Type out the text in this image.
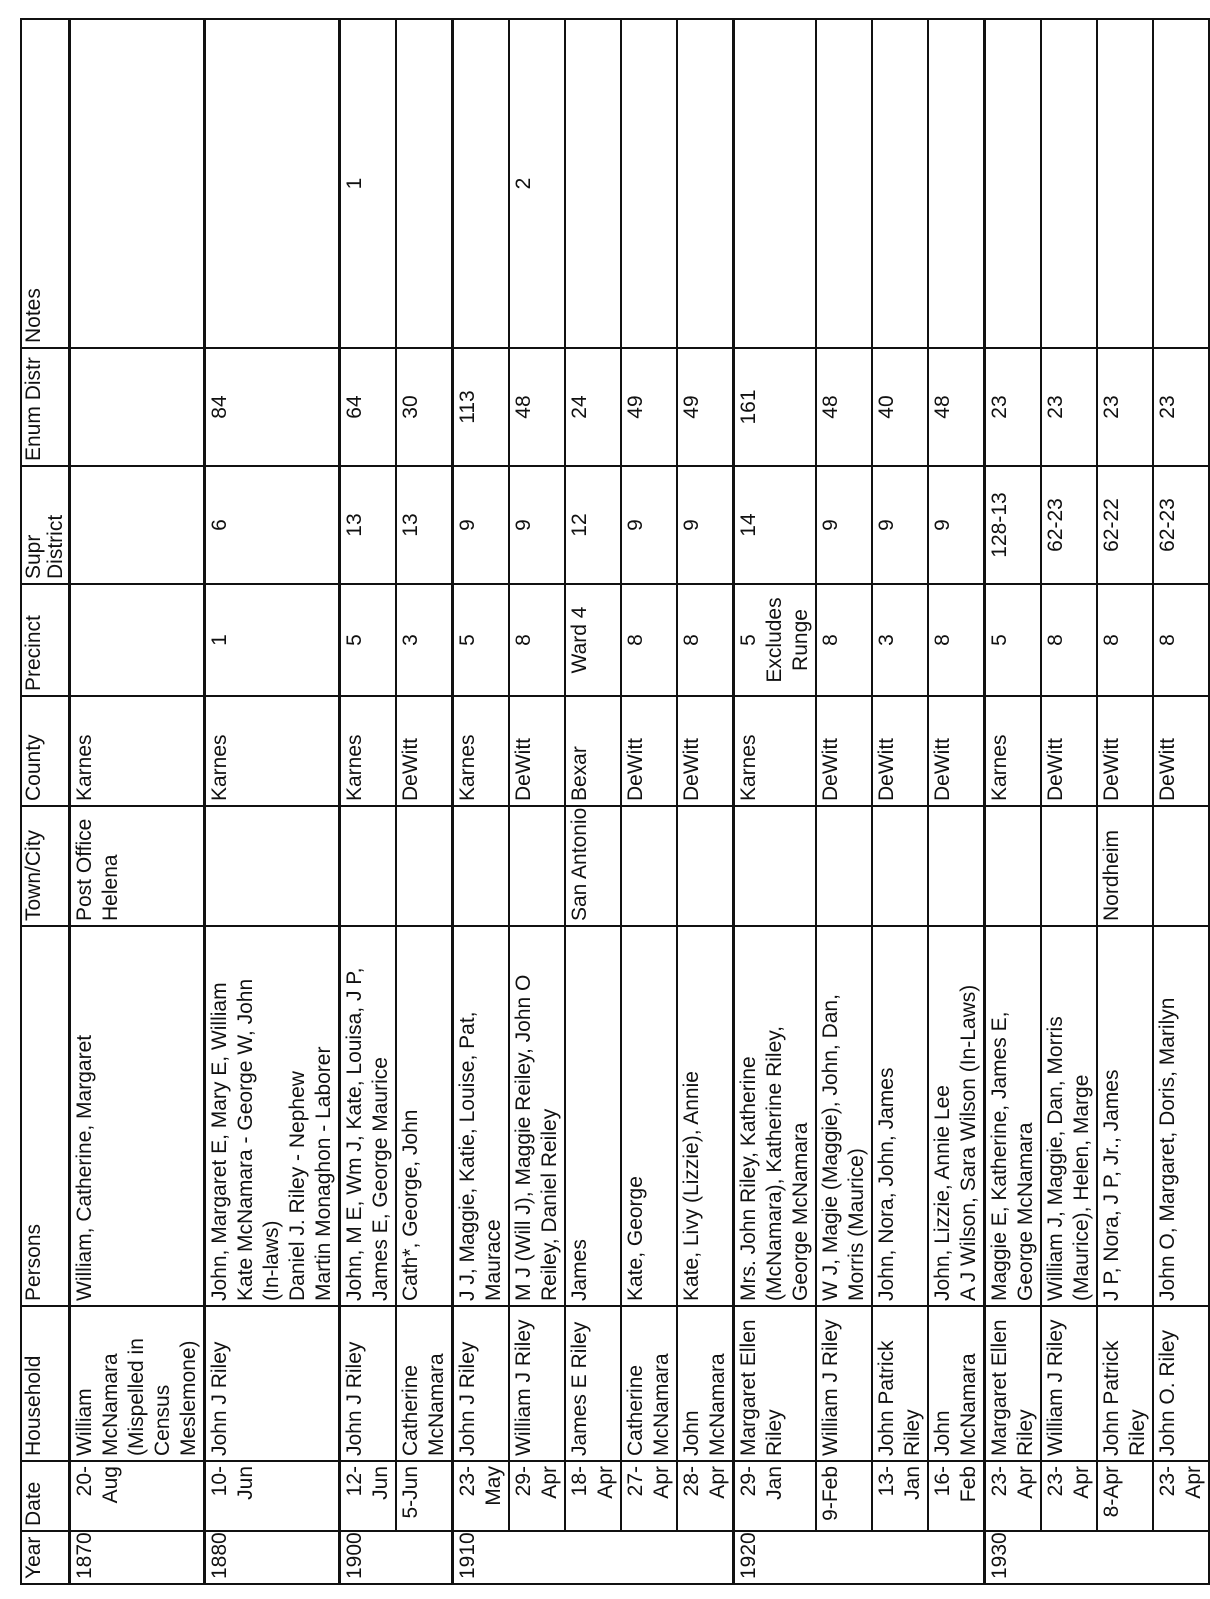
Year	Date	Household	Persons	Town/City	County	Precinct	Supr District	Enum Distr	Notes
1870	20-Aug	William McNamara (Mispelled in Census Meslemone)	William, Catherine, Margaret	Post Office Helena	Karnes				

1880	10-Jun	John J Riley	John, Margaret E, Mary E, William Kate McNamara - George W, John (In-laws) Daniel J. Riley - Nephew Martin Monaghon - Laborer		Karnes	1	6	84	

1900	12-Jun	John J Riley	John, M E, Wm J, Kate, Louisa, J P, James E, George Maurice		Karnes	5	13	64	1

	5-Jun	Catherine McNamara	Cath*, George, John		DeWitt	3	13	30	

1910	23-May	John J Riley	J J, Maggie, Katie, Louise, Pat, Maurace		Karnes	5	9	113	

	29-Apr	William J Riley	M J (Will J), Maggie Reiley, John O Reiley, Daniel Reiley		DeWitt	8	9	48	2

	18-Apr	James E Riley	James	San Antonio	Bexar	Ward 4	12	24	

	27-Apr	Catherine McNamara	Kate, George		DeWitt	8	9	49	

	28-Apr	John McNamara	Kate, Livy (Lizzie), Annie		DeWitt	8	9	49	

1920	29-Jan	Margaret Ellen Riley	Mrs. John Riley, Katherine (McNamara), Katherine Riley, George McNamara		Karnes	5 Excludes Runge	14	161	

	9-Feb	William J Riley	W J, Magie (Maggie), John, Dan, Morris (Maurice)		DeWitt	8	9	48	

	13-Jan	John Patrick Riley	John, Nora, John, James		DeWitt	3	9	40	

	16-Feb	John McNamara	John, Lizzie, Annie Lee A J Wilson, Sara Wilson (In-Laws)		DeWitt	8	9	48	

1930	23-Apr	Margaret Ellen Riley	Maggie E, Katherine, James E, George McNamara		Karnes	5	128-13	23	

	23-Apr	William J Riley	William J, Maggie, Dan, Morris (Maurice), Helen, Marge		DeWitt	8	62-23	23	

	8-Apr	John Patrick Riley	J P, Nora, J P, Jr., James	Nordheim	DeWitt	8	62-22	23	

	23-Apr	John O. Riley	John O, Margaret, Doris, Marilyn		DeWitt	8	62-23	23	
